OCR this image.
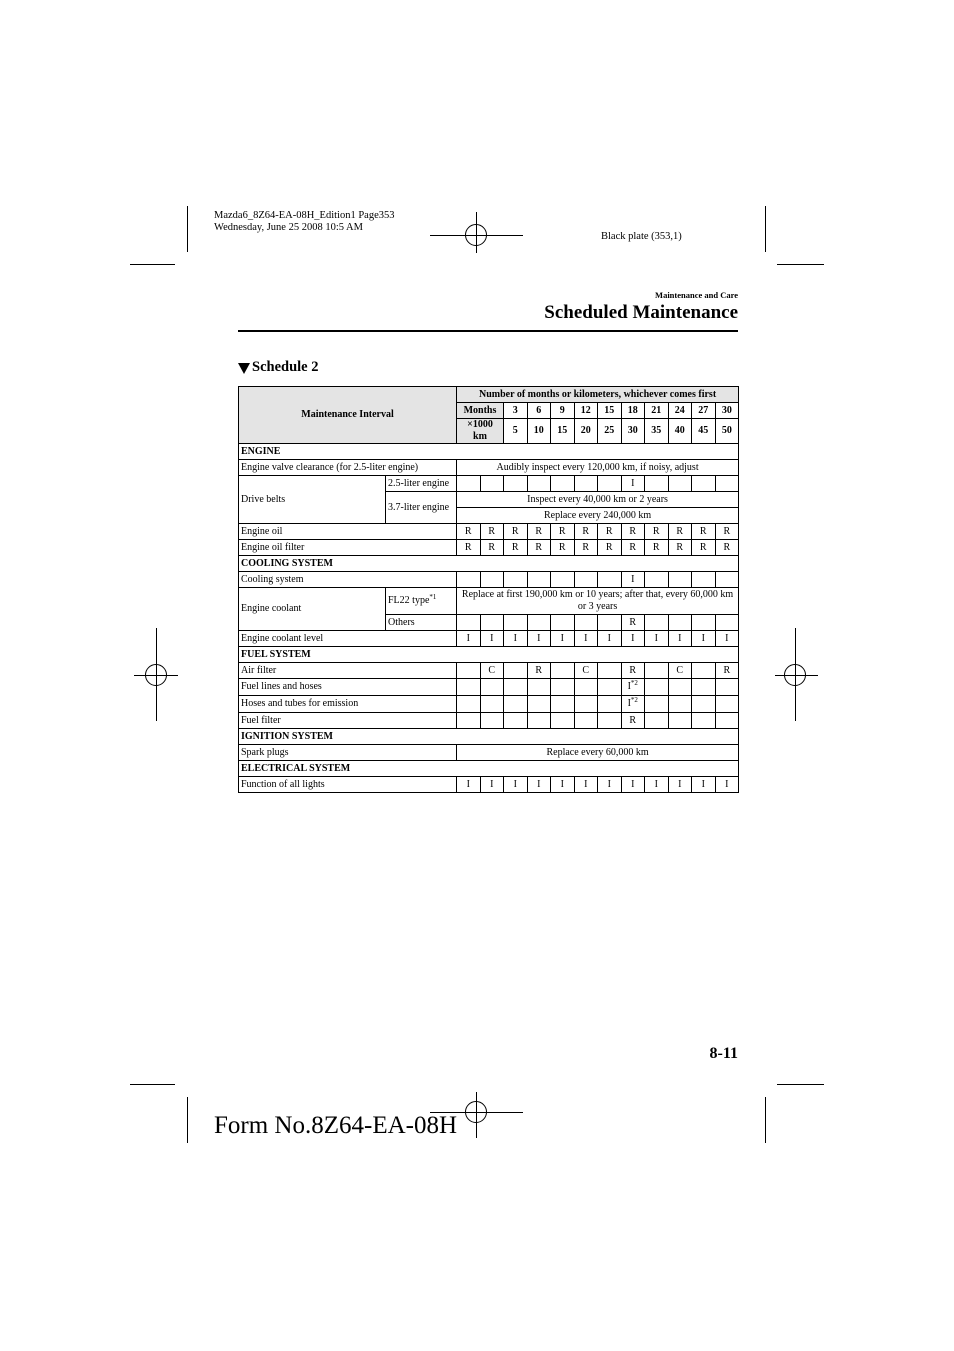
Mazda6_8Z64-EA-08H_Edition1 Page353
Wednesday, June 25 2008 10:5 AM
Black plate (353,1)
Maintenance and Care
Scheduled Maintenance
Schedule 2
Maintenance Interval		Number of months or kilometers, whichever comes first												
		Months		3	6	9	12	15	18	21	24	27	30		
		×1000 km		5	10	15	20	25	30	35	40	45	50		
ENGINE														
Engine valve clearance (for 2.5-liter engine)		Audibly inspect every 120,000 km, if noisy, adjust												
Drive belts	2.5-liter engine								I					
	3.7-liter engine	Inspect every 40,000 km or 2 years												
		Replace every 240,000 km												
Engine oil		R	R	R	R	R	R	R	R	R	R	R	R	
Engine oil filter		R	R	R	R	R	R	R	R	R	R	R	R	
COOLING SYSTEM														
Cooling system									I					
Engine coolant	FL22 type$^{*1}$	Replace at first 190,000 km or 10 years; after that, every 60,000 km or 3 years												
	Others								R					
Engine coolant level		I	I	I	I	I	I	I	I	I	I	I	I	
FUEL SYSTEM														
Air filter			C		R		C		R		C		R	
Fuel lines and hoses									$I^{*2}$				
Hoses and tubes for emission									$I^{*2}$				
Fuel filter									R					
IGNITION SYSTEM														
Spark plugs		Replace every 60,000 km												
ELECTRICAL SYSTEM														
Function of all lights		I	I	I	I	I	I	I	I	I	I	I	I	
8-11
Form No.8Z64-EA-08H
